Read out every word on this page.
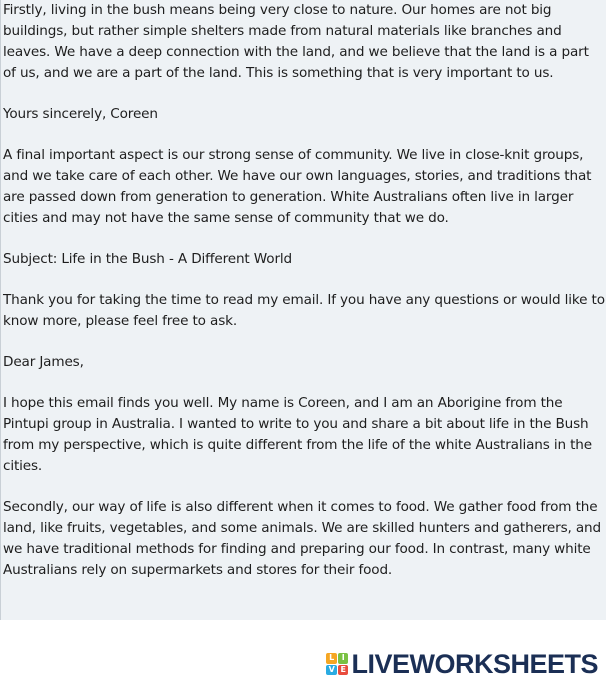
Firstly, living in the bush means being very close to nature. Our homes are not big buildings, but rather simple shelters made from natural materials like branches and leaves. We have a deep connection with the land, and we believe that the land is a part of us, and we are a part of the land. This is something that is very important to us.

Yours sincerely, Coreen

A final important aspect is our strong sense of community. We live in close-knit groups, and we take care of each other. We have our own languages, stories, and traditions that are passed down from generation to generation. White Australians often live in larger cities and may not have the same sense of community that we do.

Subject: Life in the Bush - A Different World

Thank you for taking the time to read my email. If you have any questions or would like to know more, please feel free to ask.

Dear James,

I hope this email finds you well. My name is Coreen, and I am an Aborigine from the Pintupi group in Australia. I wanted to write to you and share a bit about life in the Bush from my perspective, which is quite different from the life of the white Australians in the cities.

Secondly, our way of life is also different when it comes to food. We gather food from the land, like fruits, vegetables, and some animals. We are skilled hunters and gatherers, and we have traditional methods for finding and preparing our food. In contrast, many white Australians rely on supermarkets and stores for their food.

L I
V E LIVEWORKSHEETS
